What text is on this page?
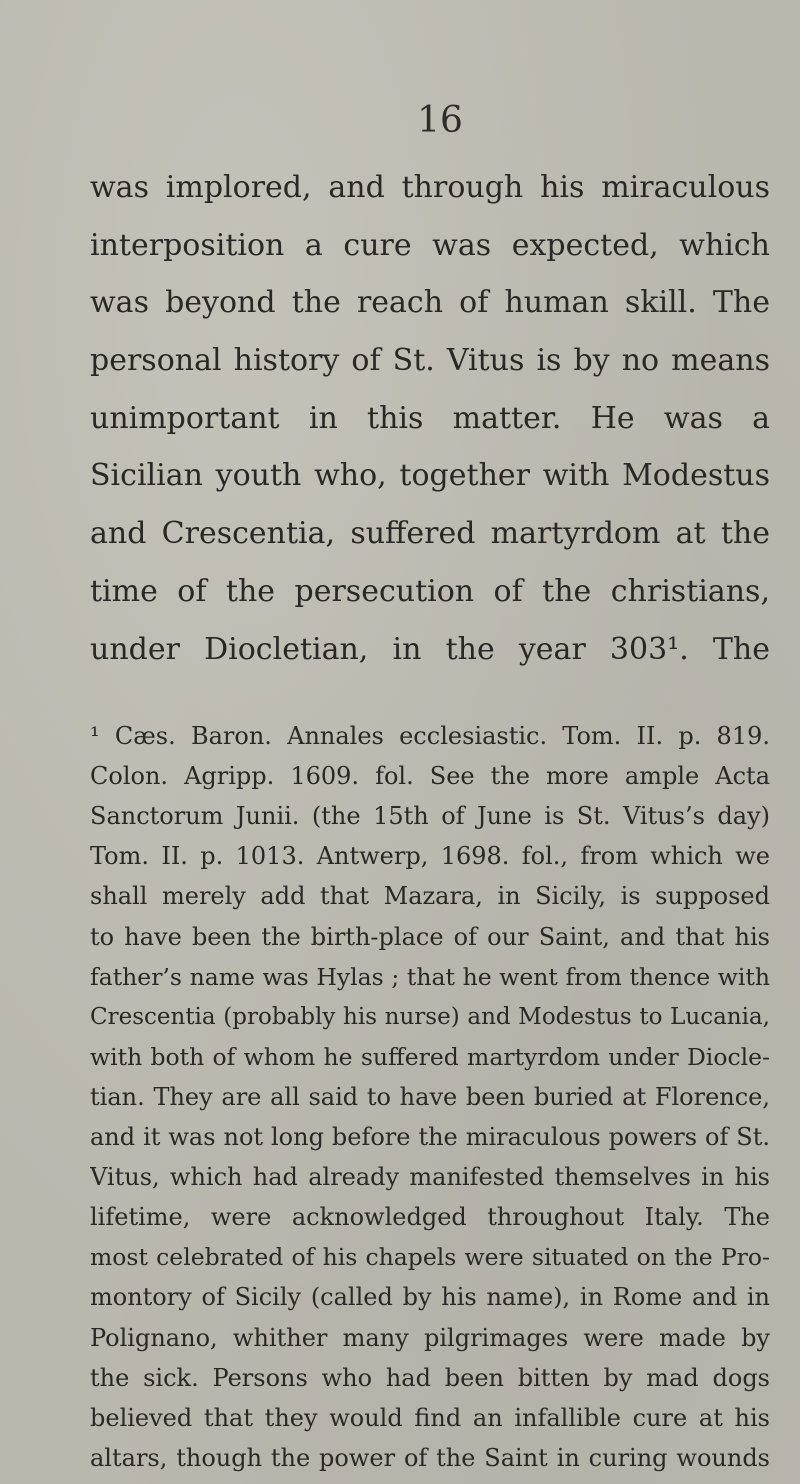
16
was implored, and through his miraculous
interposition a cure was expected, which
was beyond the reach of human skill. The
personal history of St. Vitus is by no means
unimportant in this matter. He was a
Sicilian youth who, together with Modestus
and Crescentia, suffered martyrdom at the
time of the persecution of the christians,
under Diocletian, in the year 303¹. The
¹ Cæs. Baron. Annales ecclesiastic. Tom. II. p. 819.
Colon. Agripp. 1609. fol. See the more ample Acta
Sanctorum Junii. (the 15th of June is St. Vitus’s day)
Tom. II. p. 1013. Antwerp, 1698. fol., from which we
shall merely add that Mazara, in Sicily, is supposed
to have been the birth-place of our Saint, and that his
father’s name was Hylas ; that he went from thence with
Crescentia (probably his nurse) and Modestus to Lucania,
with both of whom he suffered martyrdom under Diocle-
tian. They are all said to have been buried at Florence,
and it was not long before the miraculous powers of St.
Vitus, which had already manifested themselves in his
lifetime, were acknowledged throughout Italy. The
most celebrated of his chapels were situated on the Pro-
montory of Sicily (called by his name), in Rome and in
Polignano, whither many pilgrimages were made by
the sick. Persons who had been bitten by mad dogs
believed that they would find an infallible cure at his
altars, though the power of the Saint in curing wounds
